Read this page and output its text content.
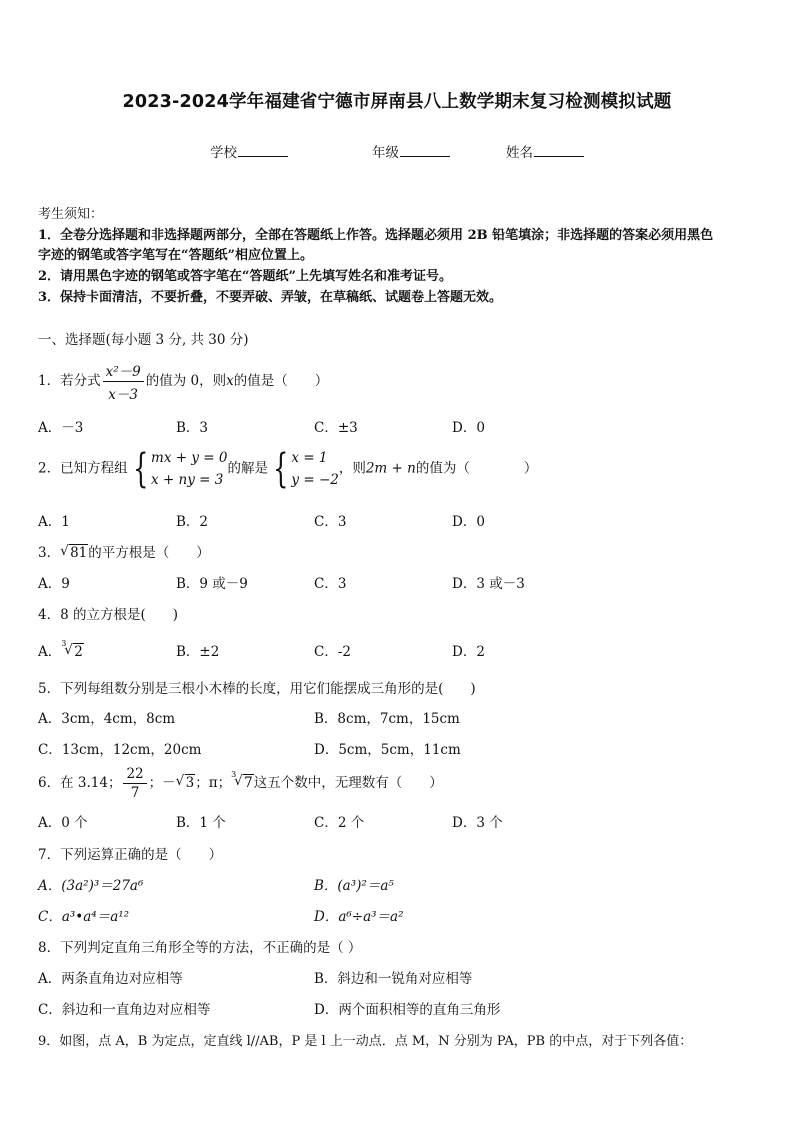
2023-2024学年福建省宁德市屏南县八上数学期末复习检测模拟试题
学校	年级	姓名
考生须知：
1．全卷分选择题和非选择题两部分，全部在答题纸上作答。选择题必须用 2B 铅笔填涂；非选择题的答案必须用黑色
字迹的钢笔或答字笔写在“答题纸”相应位置上。
2．请用黑色字迹的钢笔或答字笔在“答题纸”上先填写姓名和准考证号。
3．保持卡面清洁，不要折叠，不要弄破、弄皱，在草稿纸、试题卷上答题无效。
一、选择题(每小题 3 分, 共 30 分)
1．若分式 $\frac{\text{x²－9}}{x-3}$ 的值为 0，则x的值是（　　）
A．－3	B．3	C．±3	D．0
2．已知方程组 { mx + y = 0
x + ny = 3
的解是 { x = 1
y = −2
，则2m + n的值为（　　　　）
A．1	B．2	C．3	D．0
3． √ 81的平方根是（　　）
A．9	B．9 或－9	C．3	D．3 或－3
4．8 的立方根是(　　)
A．
3
√ 2	B．±2	C．-2	D．2
5．下列每组数分别是三根小木棒的长度，用它们能摆成三角形的是(　　)
A．3cm，4cm，8cm	B．8cm，7cm，15cm
C．13cm，12cm，20cm	D．5cm，5cm，11cm
6．在 3.14； $\frac{22}{7}$ ；－ √ 3；π；
3
√ 7这五个数中，无理数有（　　）
A．0 个	B．1 个	C．2 个	D．3 个
7．下列运算正确的是（　　）
A．(3a²)³＝27a⁶	B．(a³)²＝a⁵
C．a³•a⁴＝a¹²	D．a⁶÷a³＝a²
8．下列判定直角三角形全等的方法，不正确的是（ ）
A．两条直角边对应相等	B．斜边和一锐角对应相等
C．斜边和一直角边对应相等	D．两个面积相等的直角三角形
9．如图，点 A，B 为定点，定直线 l//AB，P 是 l 上一动点．点 M，N 分别为 PA，PB 的中点，对于下列各值：
